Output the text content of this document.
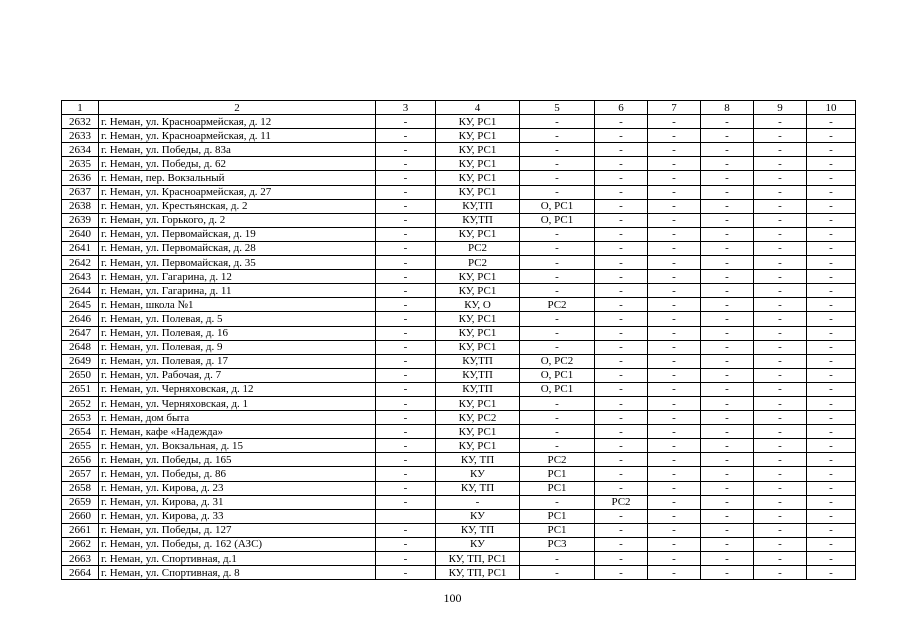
1	2	3	4	5	6	7	8	9	10
2632	г. Неман, ул. Красноармейская, д. 12	-	КУ, РС1	-	-	-	-	-	-
2633	г. Неман, ул. Красноармейская, д. 11	-	КУ, РС1	-	-	-	-	-	-
2634	г. Неман, ул. Победы, д. 83а	-	КУ, РС1	-	-	-	-	-	-
2635	г. Неман, ул. Победы, д. 62	-	КУ, РС1	-	-	-	-	-	-
2636	г. Неман, пер. Вокзальный	-	КУ, РС1	-	-	-	-	-	-
2637	г. Неман, ул. Красноармейская, д. 27	-	КУ, РС1	-	-	-	-	-	-
2638	г. Неман, ул. Крестьянская, д. 2	-	КУ,ТП	О, РС1	-	-	-	-	-
2639	г. Неман, ул. Горького, д. 2	-	КУ,ТП	О, РС1	-	-	-	-	-
2640	г. Неман, ул. Первомайская, д. 19	-	КУ, РС1	-	-	-	-	-	-
2641	г. Неман, ул. Первомайская, д. 28	-	РС2	-	-	-	-	-	-
2642	г. Неман, ул. Первомайская, д. 35	-	РС2	-	-	-	-	-	-
2643	г. Неман, ул. Гагарина, д. 12	-	КУ, РС1	-	-	-	-	-	-
2644	г. Неман, ул. Гагарина, д. 11	-	КУ, РС1	-	-	-	-	-	-
2645	г. Неман, школа №1	-	КУ, О	РС2	-	-	-	-	-
2646	г. Неман, ул. Полевая, д. 5	-	КУ, РС1	-	-	-	-	-	-
2647	г. Неман, ул. Полевая, д. 16	-	КУ, РС1	-	-	-	-	-	-
2648	г. Неман, ул. Полевая, д. 9	-	КУ, РС1	-	-	-	-	-	-
2649	г. Неман, ул. Полевая, д. 17	-	КУ,ТП	О, РС2	-	-	-	-	-
2650	г. Неман, ул. Рабочая, д. 7	-	КУ,ТП	О, РС1	-	-	-	-	-
2651	г. Неман, ул. Черняховская, д. 12	-	КУ,ТП	О, РС1	-	-	-	-	-
2652	г. Неман, ул. Черняховская, д. 1	-	КУ, РС1	-	-	-	-	-	-
2653	г. Неман, дом быта	-	КУ, РС2	-	-	-	-	-	-
2654	г. Неман, кафе «Надежда»	-	КУ, РС1	-	-	-	-	-	-
2655	г. Неман, ул. Вокзальная, д. 15	-	КУ, РС1	-	-	-	-	-	-
2656	г. Неман, ул. Победы, д. 165	-	КУ, ТП	РС2	-	-	-	-	-
2657	г. Неман, ул. Победы, д. 86	-	КУ	РС1	-	-	-	-	-
2658	г. Неман, ул. Кирова, д. 23	-	КУ, ТП	РС1	-	-	-	-	-
2659	г. Неман, ул. Кирова, д. 31	-	-	-	РС2	-	-	-	-
2660	г. Неман, ул. Кирова, д. 33		КУ	РС1	-	-	-	-	-
2661	г. Неман, ул. Победы, д. 127	-	КУ, ТП	РС1	-	-	-	-	-
2662	г. Неман, ул. Победы, д. 162 (АЗС)	-	КУ	РС3	-	-	-	-	-
2663	г. Неман, ул. Спортивная, д.1	-	КУ, ТП, РС1	-	-	-	-	-	-
2664	г. Неман, ул. Спортивная, д. 8	-	КУ, ТП, РС1	-	-	-	-	-	-
100
